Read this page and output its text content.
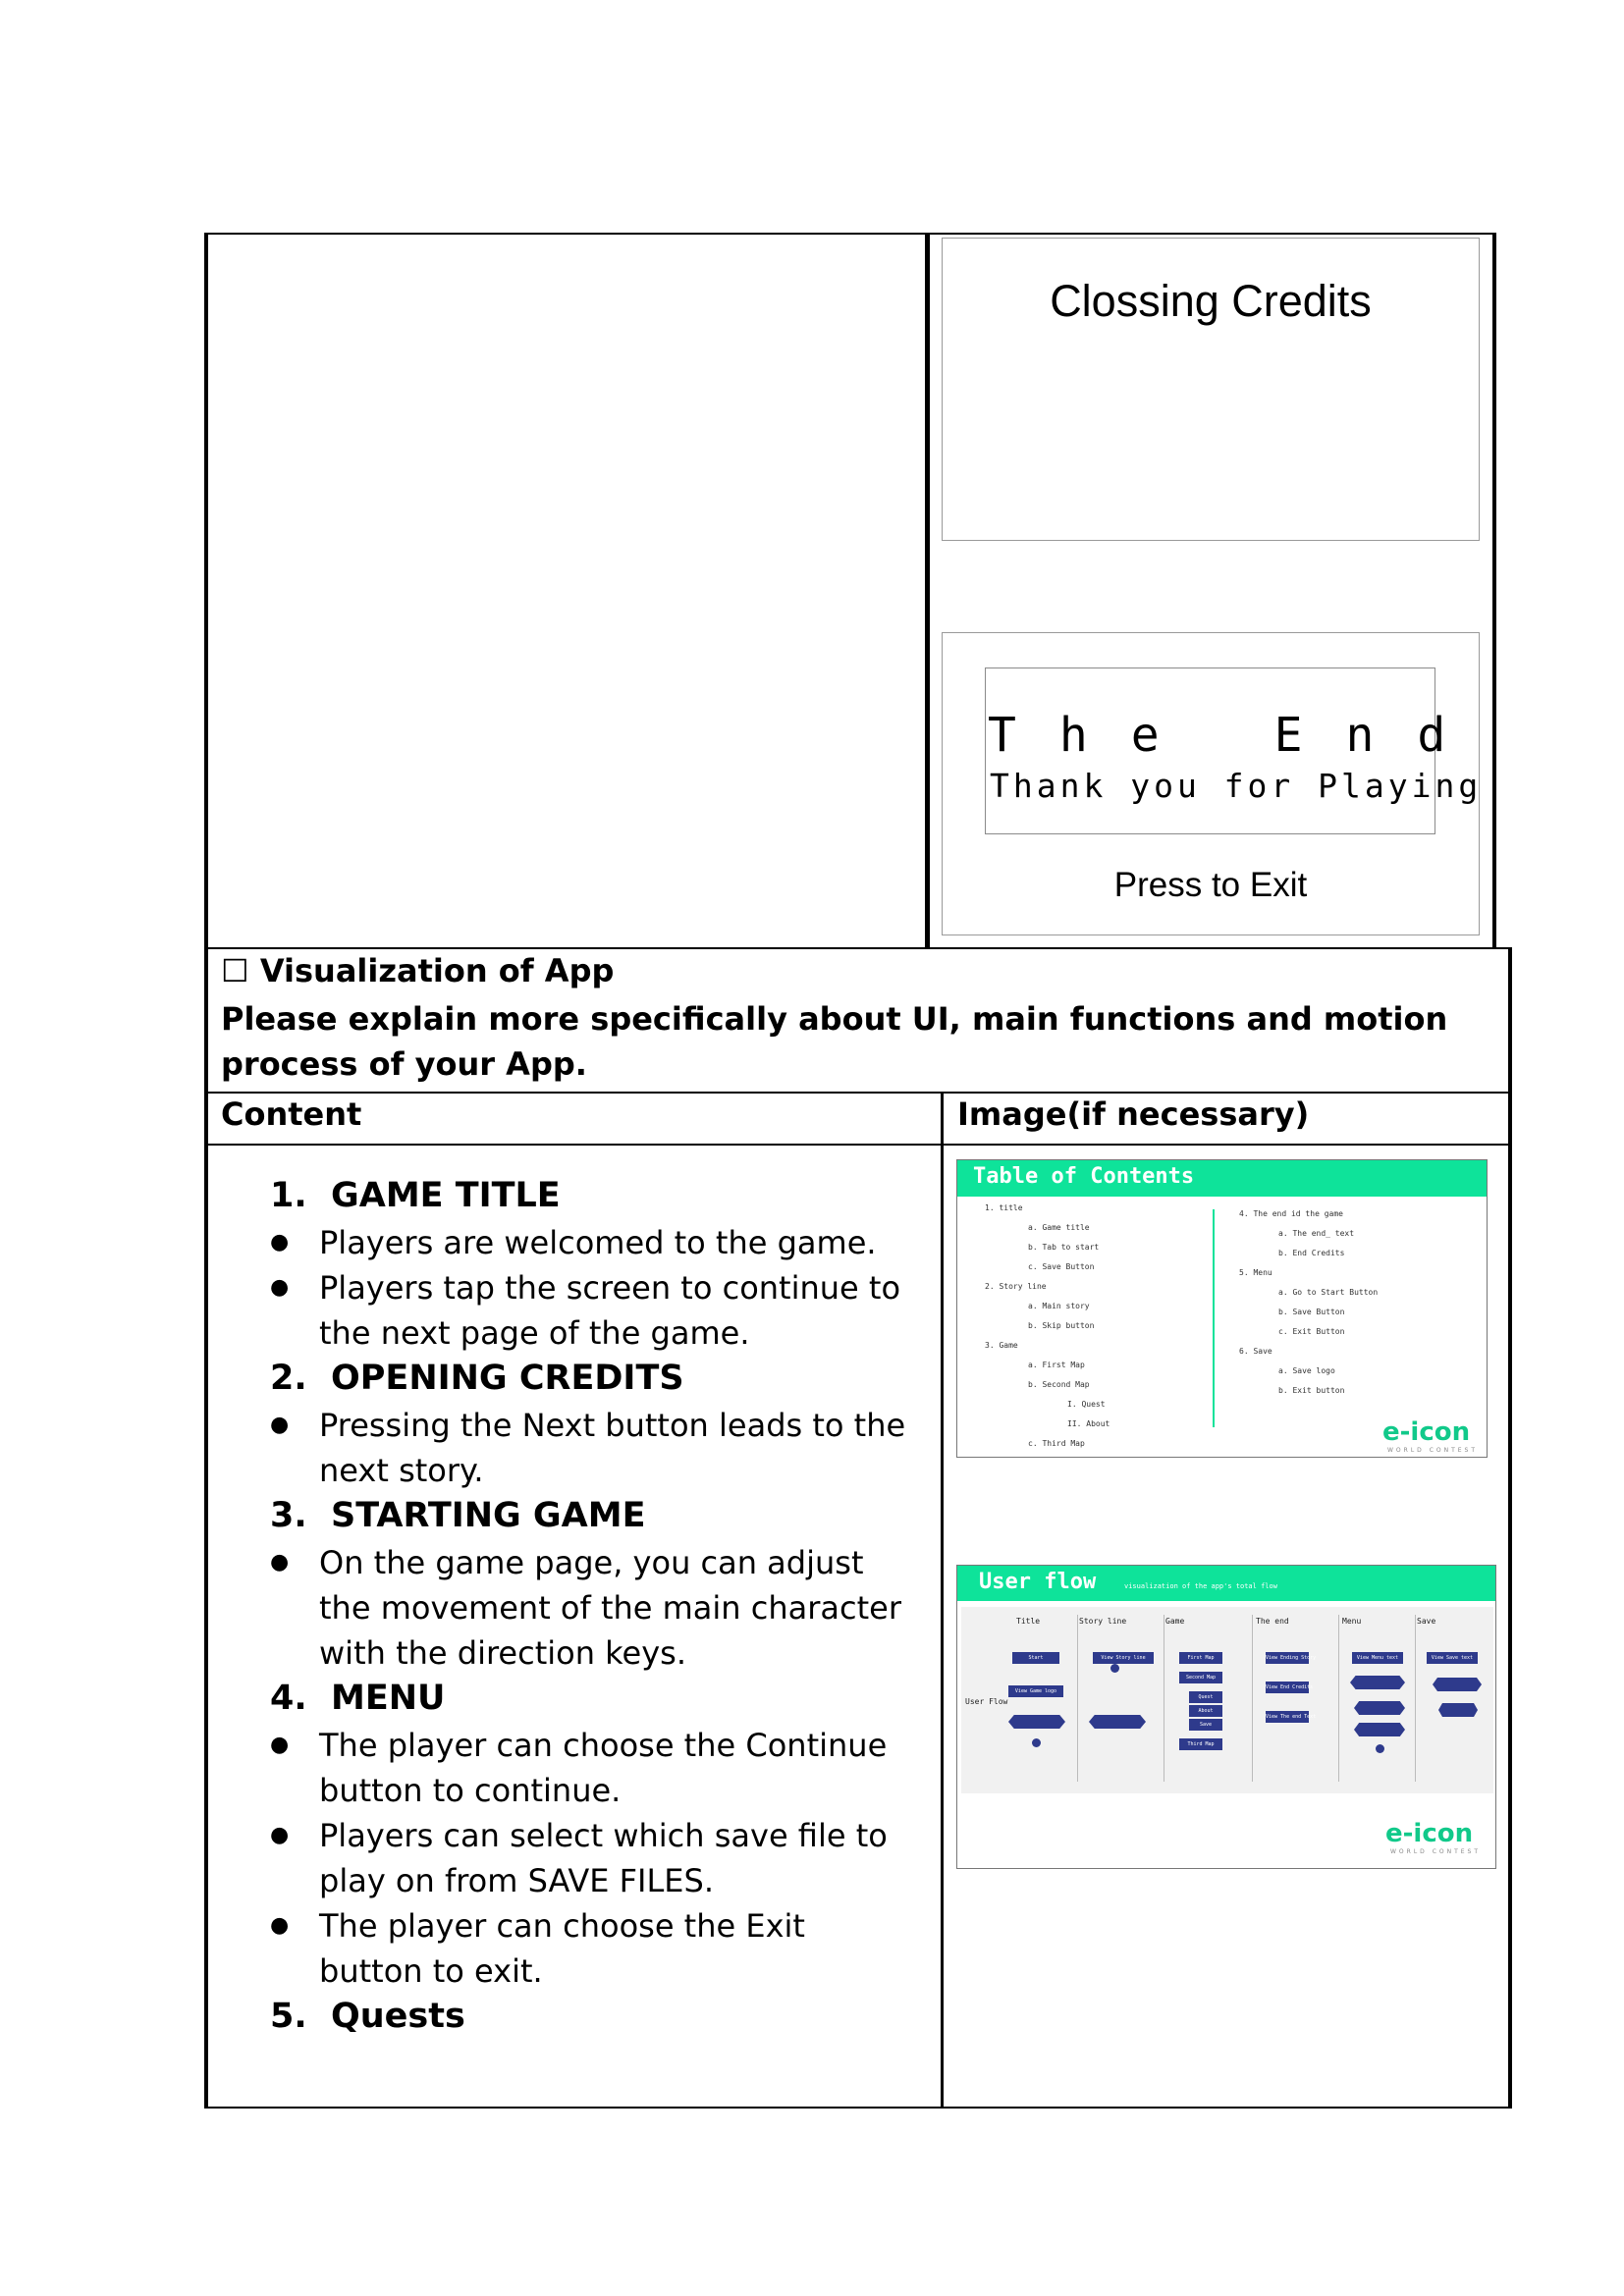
Clossing Credits
The End
Thank you for Playing
Press to Exit
☐ Visualization of App
Please explain more specifically about UI, main functions and motion process of your App.
Content	Image(if necessary)
1. GAME TITLE
● Players are welcomed to the game.
● Players tap the screen to continue to the next page of the game.
2. OPENING CREDITS
● Pressing the Next button leads to the next story.
3. STARTING GAME
● On the game page, you can adjust the movement of the main character with the direction keys.
4. MENU
● The player can choose the Continue button to continue.
● Players can select which save file to play on from SAVE FILES.
● The player can choose the Exit button to exit.
5. Quests
Table of Contents
1. title
a. Game title
b. Tab to start
c. Save Button
2. Story line
a. Main story
b. Skip button
3. Game
a. First Map
b. Second Map
I. Quest
II. About
c. Third Map
4. The end id the game
a. The end_ text
b. End Credits
5. Menu
a. Go to Start Button
b. Save Button
c. Exit Button
6. Save
a. Save logo
b. Exit button
e-icon
WORLD CONTEST
User flow	visualization of the app's total flow
Title	Story line	Game	The end	Menu	Save
User Flow
Start
View Game logo
View Story line	First Map
Second Map
Quest
About
Save
Third Map
View Ending Story
View End Credits
View The end Text
View Menu text	View Save text
e-icon
WORLD CONTEST
